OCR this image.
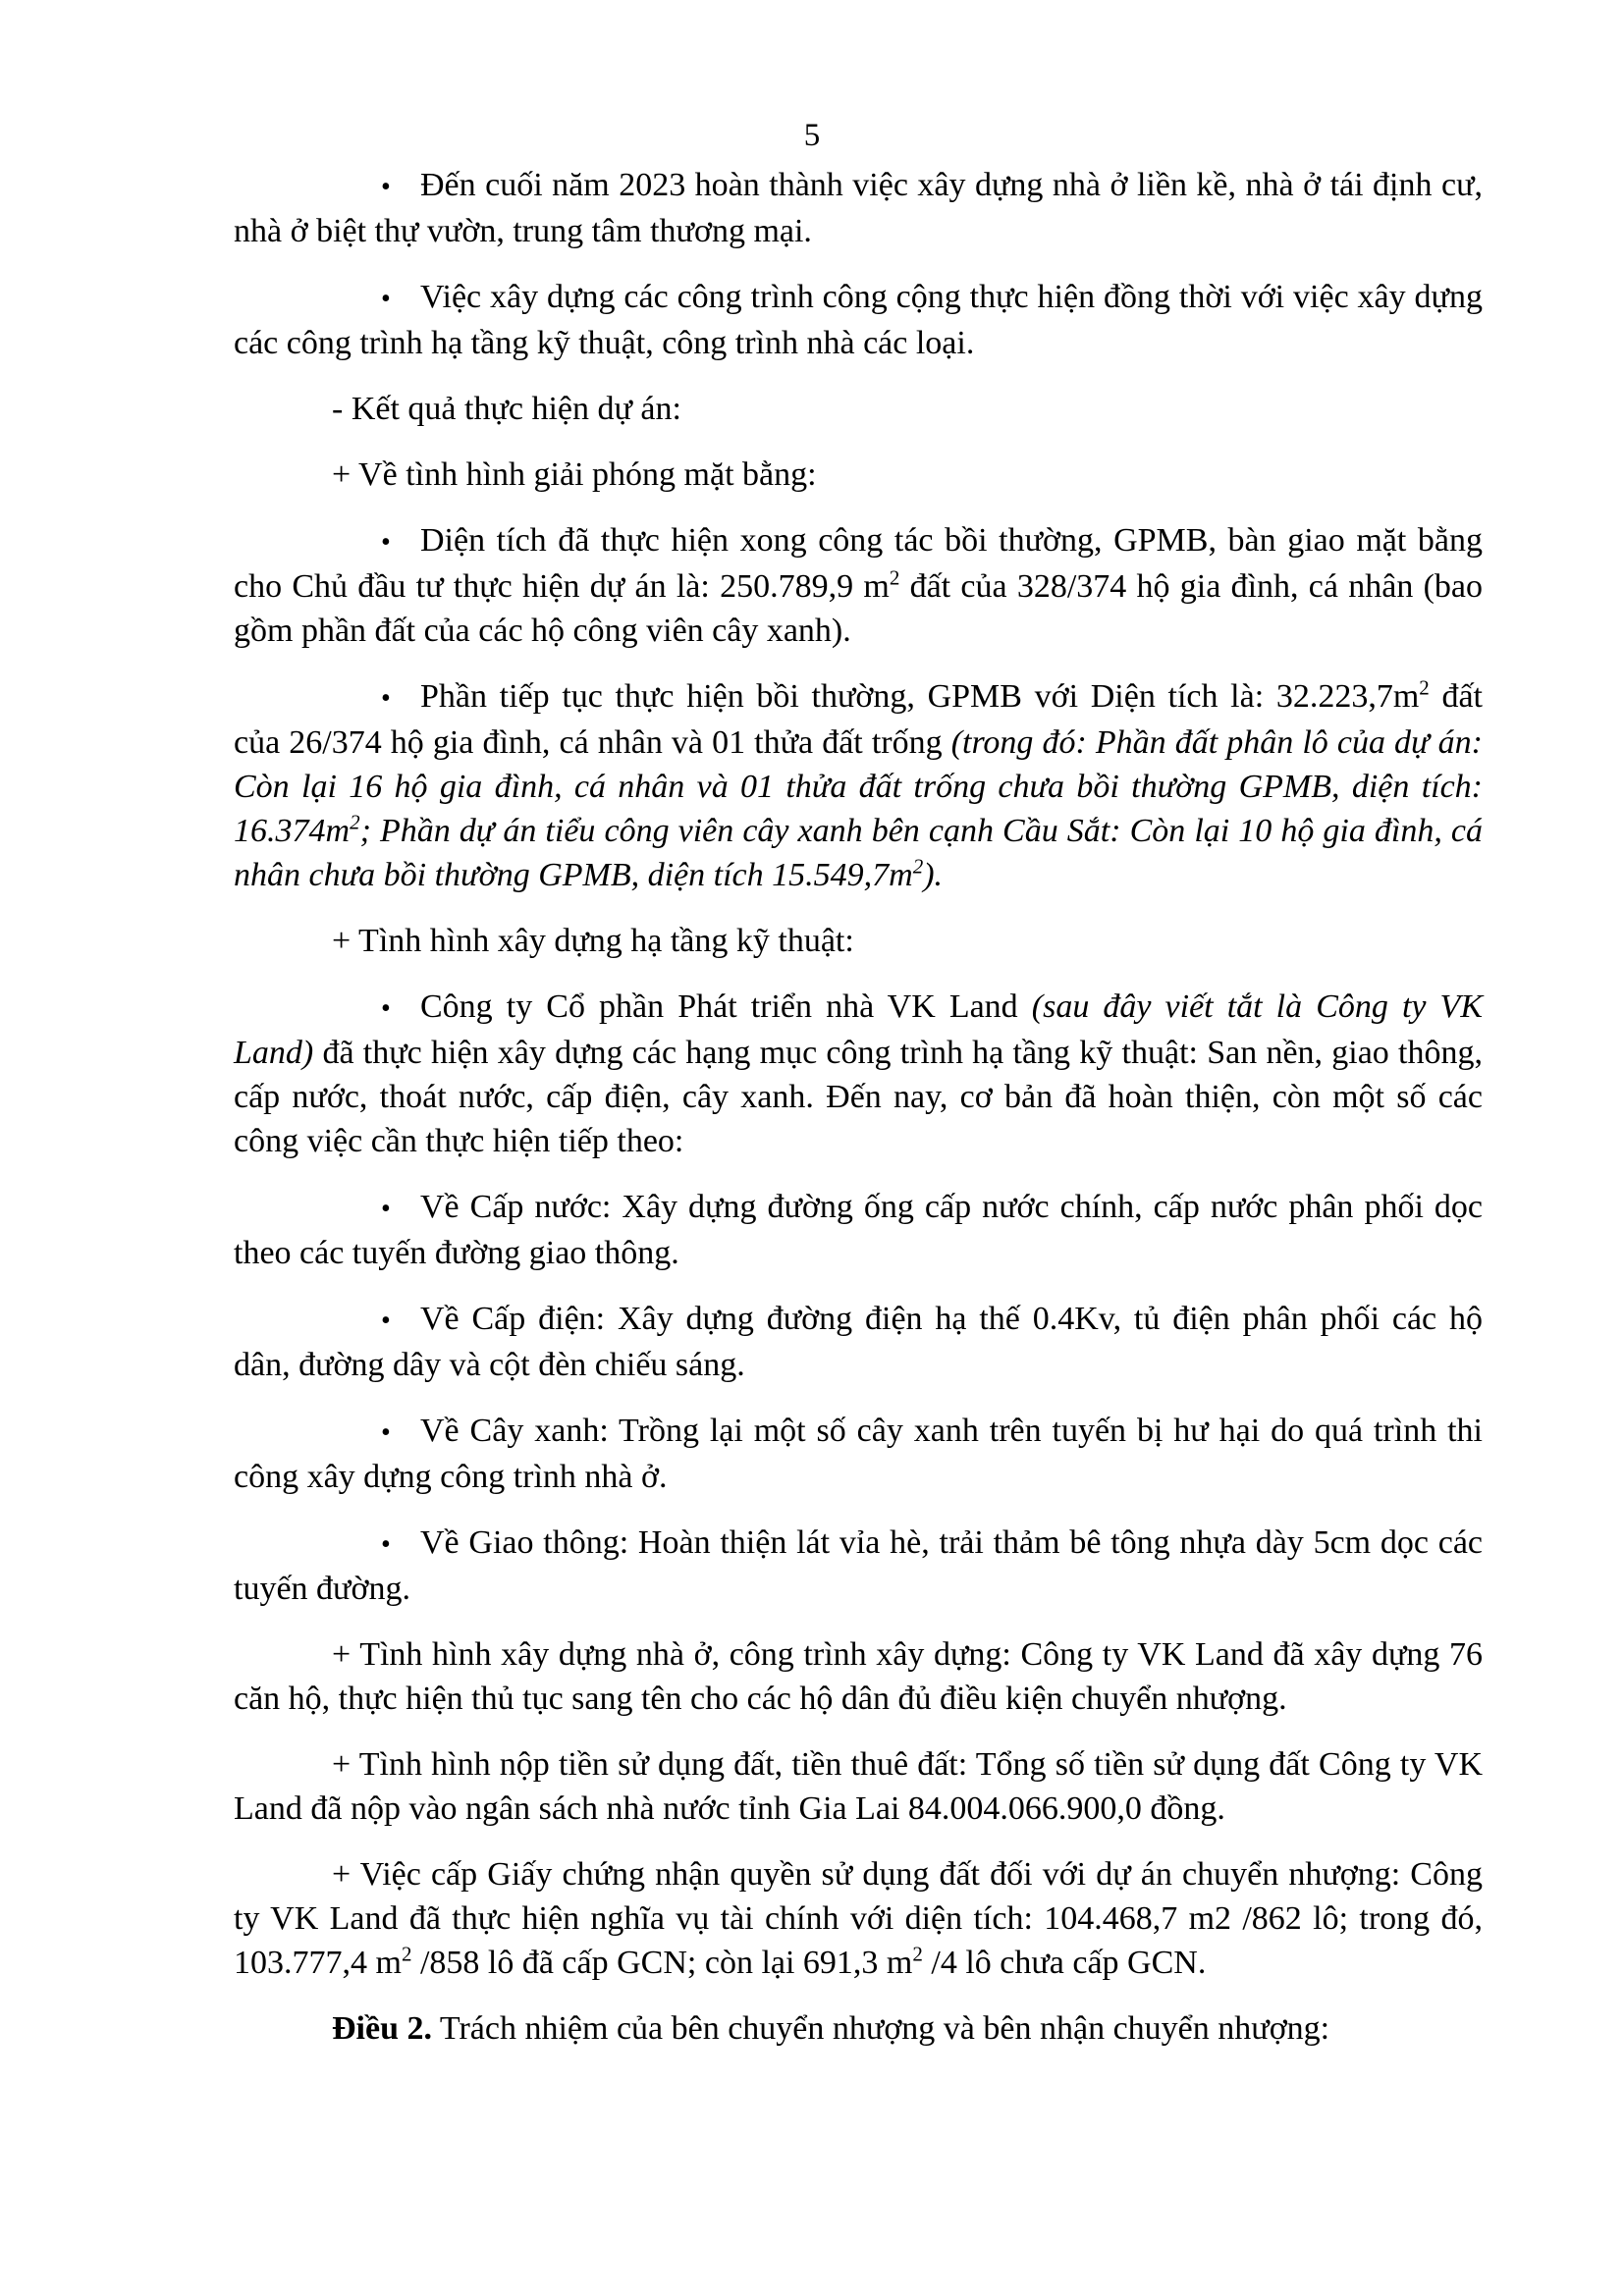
5

• Đến cuối năm 2023 hoàn thành việc xây dựng nhà ở liền kề, nhà ở tái định cư, nhà ở biệt thự vườn, trung tâm thương mại.

• Việc xây dựng các công trình công cộng thực hiện đồng thời với việc xây dựng các công trình hạ tầng kỹ thuật, công trình nhà các loại.

- Kết quả thực hiện dự án:

+ Về tình hình giải phóng mặt bằng:

• Diện tích đã thực hiện xong công tác bồi thường, GPMB, bàn giao mặt bằng cho Chủ đầu tư thực hiện dự án là: 250.789,9 $m^2$ đất của 328/374 hộ gia đình, cá nhân (bao gồm phần đất của các hộ công viên cây xanh).

• Phần tiếp tục thực hiện bồi thường, GPMB với Diện tích là: $32.223,7m^2$ đất của 26/374 hộ gia đình, cá nhân và 01 thửa đất trống (trong đó: Phần đất phân lô của dự án: Còn lại 16 hộ gia đình, cá nhân và 01 thửa đất trống chưa bồi thường GPMB, diện tích: $16.374m^2$; Phần dự án tiểu công viên cây xanh bên cạnh Cầu Sắt: Còn lại 10 hộ gia đình, cá nhân chưa bồi thường GPMB, diện tích $15.549,7m^2$).

+ Tình hình xây dựng hạ tầng kỹ thuật:

• Công ty Cổ phần Phát triển nhà VK Land (sau đây viết tắt là Công ty VK Land) đã thực hiện xây dựng các hạng mục công trình hạ tầng kỹ thuật: San nền, giao thông, cấp nước, thoát nước, cấp điện, cây xanh. Đến nay, cơ bản đã hoàn thiện, còn một số các công việc cần thực hiện tiếp theo:

• Về Cấp nước: Xây dựng đường ống cấp nước chính, cấp nước phân phối dọc theo các tuyến đường giao thông.

• Về Cấp điện: Xây dựng đường điện hạ thế 0.4Kv, tủ điện phân phối các hộ dân, đường dây và cột đèn chiếu sáng.

• Về Cây xanh: Trồng lại một số cây xanh trên tuyến bị hư hại do quá trình thi công xây dựng công trình nhà ở.

• Về Giao thông: Hoàn thiện lát vỉa hè, trải thảm bê tông nhựa dày 5cm dọc các tuyến đường.

+ Tình hình xây dựng nhà ở, công trình xây dựng: Công ty VK Land đã xây dựng 76 căn hộ, thực hiện thủ tục sang tên cho các hộ dân đủ điều kiện chuyển nhượng.

+ Tình hình nộp tiền sử dụng đất, tiền thuê đất: Tổng số tiền sử dụng đất Công ty VK Land đã nộp vào ngân sách nhà nước tỉnh Gia Lai 84.004.066.900,0 đồng.

+ Việc cấp Giấy chứng nhận quyền sử dụng đất đối với dự án chuyển nhượng: Công ty VK Land đã thực hiện nghĩa vụ tài chính với diện tích: 104.468,7 m2 /862 lô; trong đó, 103.777,4 $m^2$ /858 lô đã cấp GCN; còn lại 691,3 $m^2$ /4 lô chưa cấp GCN.

Điều 2. Trách nhiệm của bên chuyển nhượng và bên nhận chuyển nhượng:
